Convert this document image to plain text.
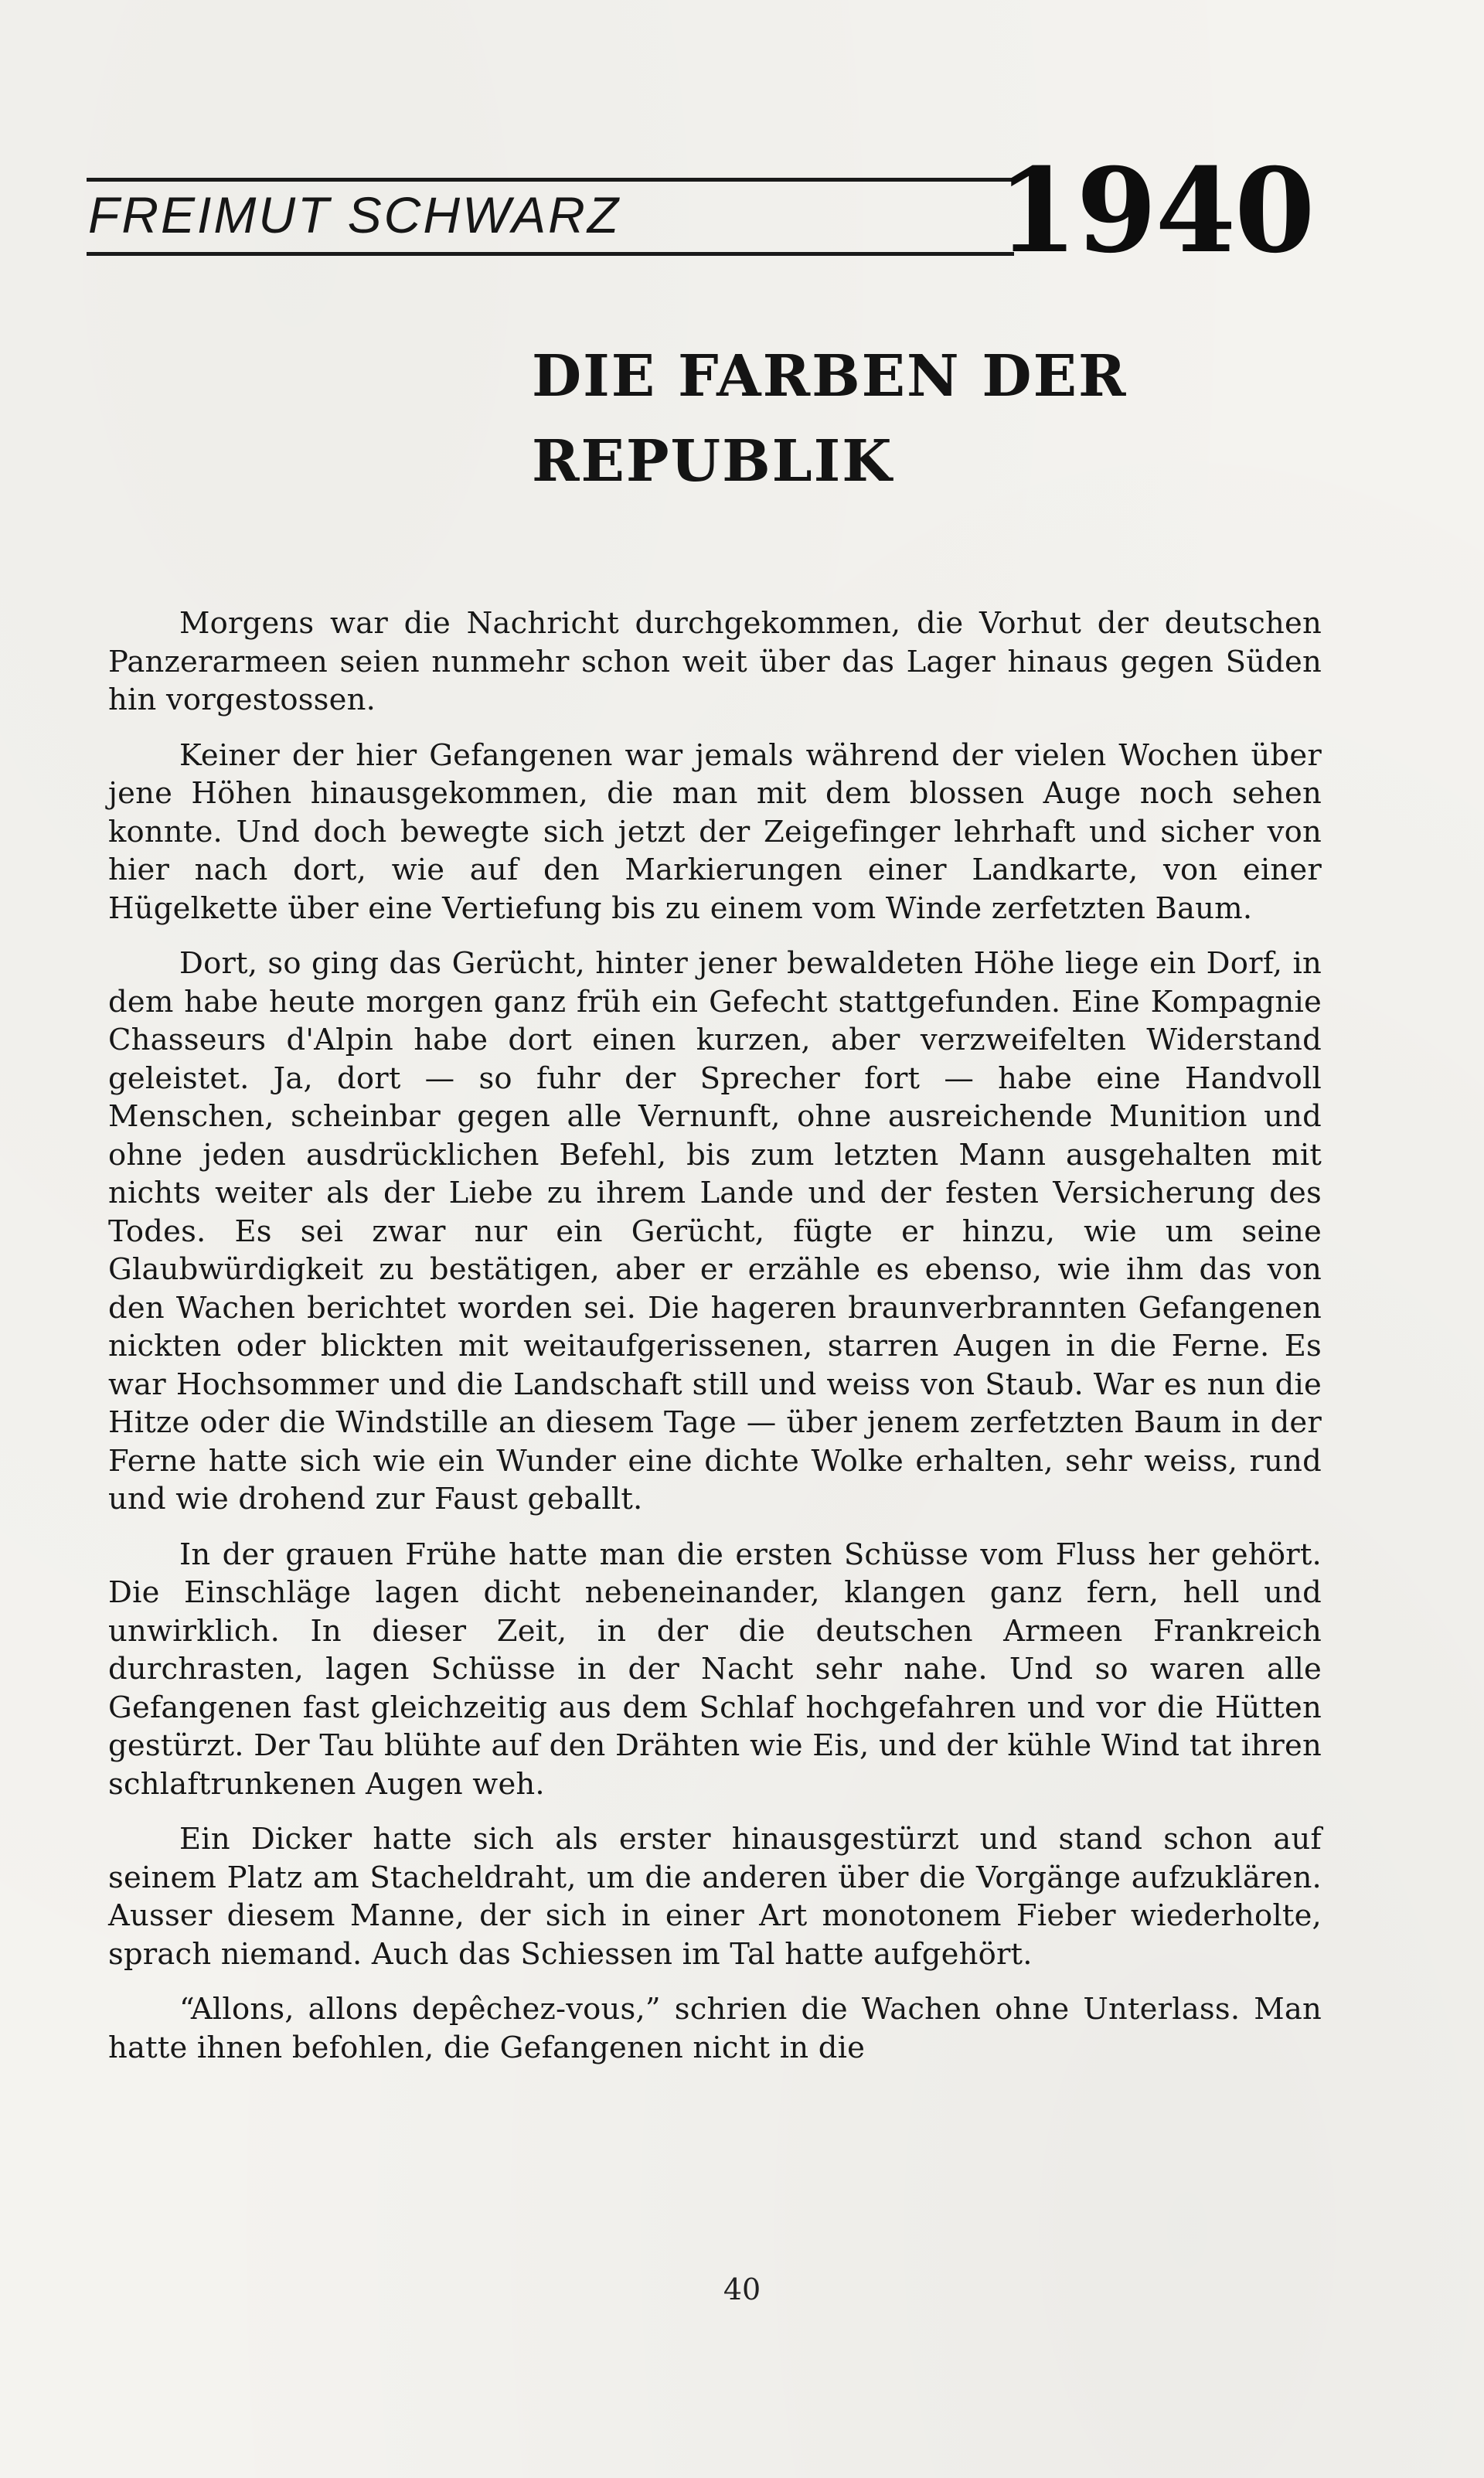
FREIMUT SCHWARZ	1940
DIE FARBEN DER
REPUBLIK

Morgens war die Nachricht durchgekommen, die Vorhut der deutschen Panzerarmeen seien nunmehr schon weit über das Lager hinaus gegen Süden hin vorgestossen.

Keiner der hier Gefangenen war jemals während der vielen Wochen über jene Höhen hinausgekommen, die man mit dem blossen Auge noch sehen konnte. Und doch bewegte sich jetzt der Zeigefinger lehrhaft und sicher von hier nach dort, wie auf den Markierungen einer Landkarte, von einer Hügelkette über eine Vertiefung bis zu einem vom Winde zerfetzten Baum.

Dort, so ging das Gerücht, hinter jener bewaldeten Höhe liege ein Dorf, in dem habe heute morgen ganz früh ein Gefecht stattgefunden. Eine Kompagnie Chasseurs d'Alpin habe dort einen kurzen, aber verzweifelten Widerstand geleistet. Ja, dort — so fuhr der Sprecher fort — habe eine Handvoll Menschen, scheinbar gegen alle Vernunft, ohne ausreichende Munition und ohne jeden ausdrücklichen Befehl, bis zum letzten Mann ausgehalten mit nichts weiter als der Liebe zu ihrem Lande und der festen Versicherung des Todes. Es sei zwar nur ein Gerücht, fügte er hinzu, wie um seine Glaubwürdigkeit zu bestätigen, aber er erzähle es ebenso, wie ihm das von den Wachen berichtet worden sei. Die hageren braunverbrannten Gefangenen nickten oder blickten mit weitaufgerissenen, starren Augen in die Ferne. Es war Hochsommer und die Landschaft still und weiss von Staub. War es nun die Hitze oder die Windstille an diesem Tage — über jenem zerfetzten Baum in der Ferne hatte sich wie ein Wunder eine dichte Wolke erhalten, sehr weiss, rund und wie drohend zur Faust geballt.

In der grauen Frühe hatte man die ersten Schüsse vom Fluss her gehört. Die Einschläge lagen dicht nebeneinander, klangen ganz fern, hell und unwirklich. In dieser Zeit, in der die deutschen Armeen Frankreich durchrasten, lagen Schüsse in der Nacht sehr nahe. Und so waren alle Gefangenen fast gleichzeitig aus dem Schlaf hochgefahren und vor die Hütten gestürzt. Der Tau blühte auf den Drähten wie Eis, und der kühle Wind tat ihren schlaftrunkenen Augen weh.

Ein Dicker hatte sich als erster hinausgestürzt und stand schon auf seinem Platz am Stacheldraht, um die anderen über die Vorgänge aufzuklären. Ausser diesem Manne, der sich in einer Art monotonem Fieber wiederholte, sprach niemand. Auch das Schiessen im Tal hatte aufgehört.

“Allons, allons depêchez-vous,” schrien die Wachen ohne Unterlass. Man hatte ihnen befohlen, die Gefangenen nicht in die

40
